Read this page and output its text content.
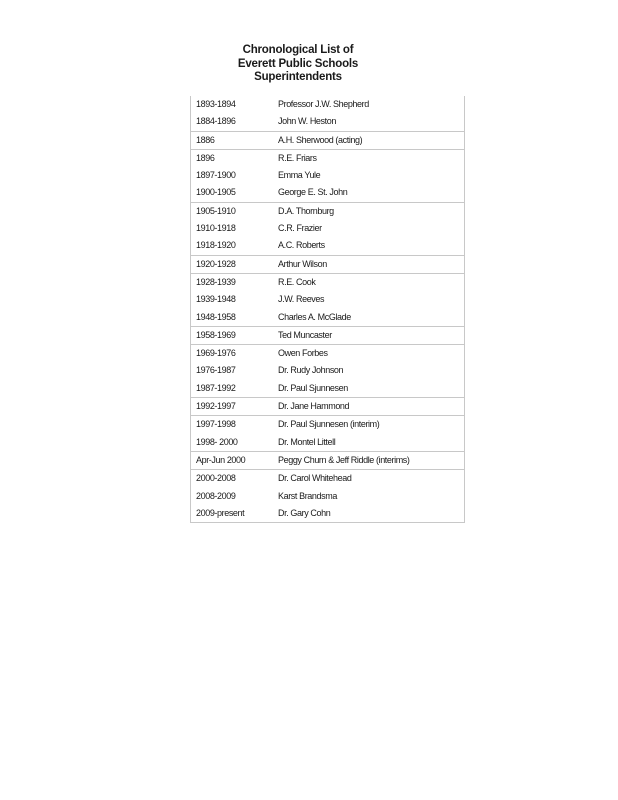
Chronological List of
Everett Public Schools
Superintendents
1893-1894	Professor J.W. Shepherd
1884-1896	John W. Heston
1886	A.H. Sherwood (acting)
1896	R.E. Friars
1897-1900	Emma Yule
1900-1905	George E. St. John
1905-1910	D.A. Thornburg
1910-1918	C.R. Frazier
1918-1920	A.C. Roberts
1920-1928	Arthur Wilson
1928-1939	R.E. Cook
1939-1948	J.W. Reeves
1948-1958	Charles A. McGlade
1958-1969	Ted Muncaster
1969-1976	Owen Forbes
1976-1987	Dr. Rudy Johnson
1987-1992	Dr. Paul Sjunnesen
1992-1997	Dr. Jane Hammond
1997-1998	Dr. Paul Sjunnesen (interim)
1998- 2000	Dr. Montel Littell
Apr-Jun 2000	Peggy Churn & Jeff Riddle (interims)
2000-2008	Dr. Carol Whitehead
2008-2009	Karst Brandsma
2009-present	Dr. Gary Cohn
